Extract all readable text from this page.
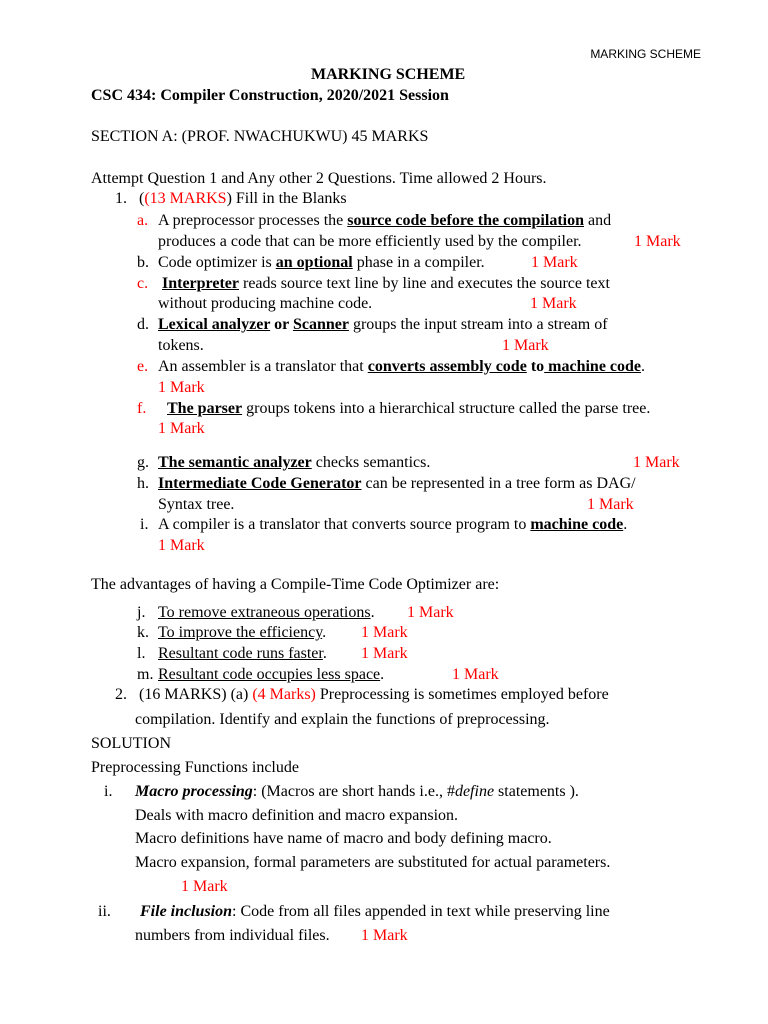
MARKING SCHEME
MARKING SCHEME
CSC 434: Compiler Construction, 2020/2021 Session
SECTION A: (PROF. NWACHUKWU) 45 MARKS
Attempt Question 1 and Any other 2 Questions. Time allowed 2 Hours.
1. ((13 MARKS) Fill in the Blanks
a. A preprocessor processes the source code before the compilation and
produces a code that can be more efficiently used by the compiler.	1 Mark
b. Code optimizer is an optional phase in a compiler.	1 Mark
c. Interpreter reads source text line by line and executes the source text
without producing machine code.	1 Mark
d. Lexical analyzer or Scanner groups the input stream into a stream of
tokens.	1 Mark
e. An assembler is a translator that converts assembly code to machine code.
1 Mark
f. The parser groups tokens into a hierarchical structure called the parse tree.
1 Mark
g. The semantic analyzer checks semantics.	1 Mark
h. Intermediate Code Generator can be represented in a tree form as DAG/
Syntax tree.	1 Mark
i. A compiler is a translator that converts source program to machine code.
1 Mark
The advantages of having a Compile-Time Code Optimizer are:
j. To remove extraneous operations. 1 Mark
k. To improve the efficiency. 1 Mark
l. Resultant code runs faster. 1 Mark
m. Resultant code occupies less space.	1 Mark
2. (16 MARKS) (a) (4 Marks) Preprocessing is sometimes employed before
compilation. Identify and explain the functions of preprocessing.
SOLUTION
Preprocessing Functions include
i. Macro processing: (Macros are short hands i.e., #define statements ).
Deals with macro definition and macro expansion.
Macro definitions have name of macro and body defining macro.
Macro expansion, formal parameters are substituted for actual parameters.
1 Mark
ii. File inclusion: Code from all files appended in text while preserving line
numbers from individual files. 1 Mark
